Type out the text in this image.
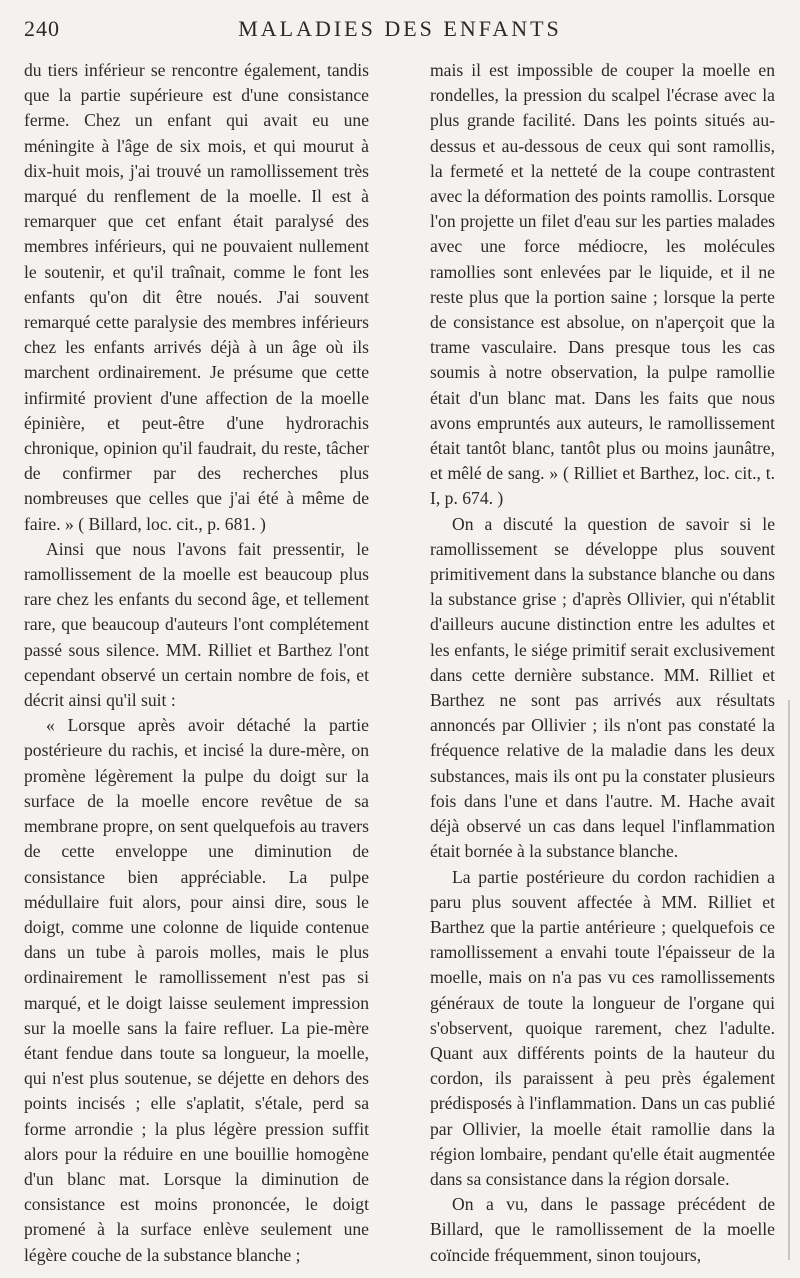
240	MALADIES DES ENFANTS

du tiers inférieur se rencontre également, tandis que la partie supérieure est d'une consistance ferme. Chez un enfant qui avait eu une méningite à l'âge de six mois, et qui mourut à dix-huit mois, j'ai trouvé un ramollissement très marqué du renflement de la moelle. Il est à remarquer que cet enfant était paralysé des membres inférieurs, qui ne pouvaient nullement le soutenir, et qu'il traînait, comme le font les enfants qu'on dit être noués. J'ai souvent remarqué cette paralysie des membres inférieurs chez les enfants arrivés déjà à un âge où ils marchent ordinairement. Je présume que cette infirmité provient d'une affection de la moelle épinière, et peut-être d'une hydrorachis chronique, opinion qu'il faudrait, du reste, tâcher de confirmer par des recherches plus nombreuses que celles que j'ai été à même de faire. » ( Billard, loc. cit., p. 681. )

Ainsi que nous l'avons fait pressentir, le ramollissement de la moelle est beaucoup plus rare chez les enfants du second âge, et tellement rare, que beaucoup d'auteurs l'ont complétement passé sous silence. MM. Rilliet et Barthez l'ont cependant observé un certain nombre de fois, et décrit ainsi qu'il suit :

« Lorsque après avoir détaché la partie postérieure du rachis, et incisé la dure-mère, on promène légèrement la pulpe du doigt sur la surface de la moelle encore revêtue de sa membrane propre, on sent quelquefois au travers de cette enveloppe une diminution de consistance bien appréciable. La pulpe médullaire fuit alors, pour ainsi dire, sous le doigt, comme une colonne de liquide contenue dans un tube à parois molles, mais le plus ordinairement le ramollissement n'est pas si marqué, et le doigt laisse seulement impression sur la moelle sans la faire refluer. La pie-mère étant fendue dans toute sa longueur, la moelle, qui n'est plus soutenue, se déjette en dehors des points incisés ; elle s'aplatit, s'étale, perd sa forme arrondie ; la plus légère pression suffit alors pour la réduire en une bouillie homogène d'un blanc mat. Lorsque la diminution de consistance est moins prononcée, le doigt promené à la surface enlève seulement une légère couche de la substance blanche ;

mais il est impossible de couper la moelle en rondelles, la pression du scalpel l'écrase avec la plus grande facilité. Dans les points situés au-dessus et au-dessous de ceux qui sont ramollis, la fermeté et la netteté de la coupe contrastent avec la déformation des points ramollis. Lorsque l'on projette un filet d'eau sur les parties malades avec une force médiocre, les molécules ramollies sont enlevées par le liquide, et il ne reste plus que la portion saine ; lorsque la perte de consistance est absolue, on n'aperçoit que la trame vasculaire. Dans presque tous les cas soumis à notre observation, la pulpe ramollie était d'un blanc mat. Dans les faits que nous avons empruntés aux auteurs, le ramollissement était tantôt blanc, tantôt plus ou moins jaunâtre, et mêlé de sang. » ( Rilliet et Barthez, loc. cit., t. I, p. 674. )

On a discuté la question de savoir si le ramollissement se développe plus souvent primitivement dans la substance blanche ou dans la substance grise ; d'après Ollivier, qui n'établit d'ailleurs aucune distinction entre les adultes et les enfants, le siége primitif serait exclusivement dans cette dernière substance. MM. Rilliet et Barthez ne sont pas arrivés aux résultats annoncés par Ollivier ; ils n'ont pas constaté la fréquence relative de la maladie dans les deux substances, mais ils ont pu la constater plusieurs fois dans l'une et dans l'autre. M. Hache avait déjà observé un cas dans lequel l'inflammation était bornée à la substance blanche.

La partie postérieure du cordon rachidien a paru plus souvent affectée à MM. Rilliet et Barthez que la partie antérieure ; quelquefois ce ramollissement a envahi toute l'épaisseur de la moelle, mais on n'a pas vu ces ramollissements généraux de toute la longueur de l'organe qui s'observent, quoique rarement, chez l'adulte. Quant aux différents points de la hauteur du cordon, ils paraissent à peu près également prédisposés à l'inflammation. Dans un cas publié par Ollivier, la moelle était ramollie dans la région lombaire, pendant qu'elle était augmentée dans sa consistance dans la région dorsale.

On a vu, dans le passage précédent de Billard, que le ramollissement de la moelle coïncide fréquemment, sinon toujours,
